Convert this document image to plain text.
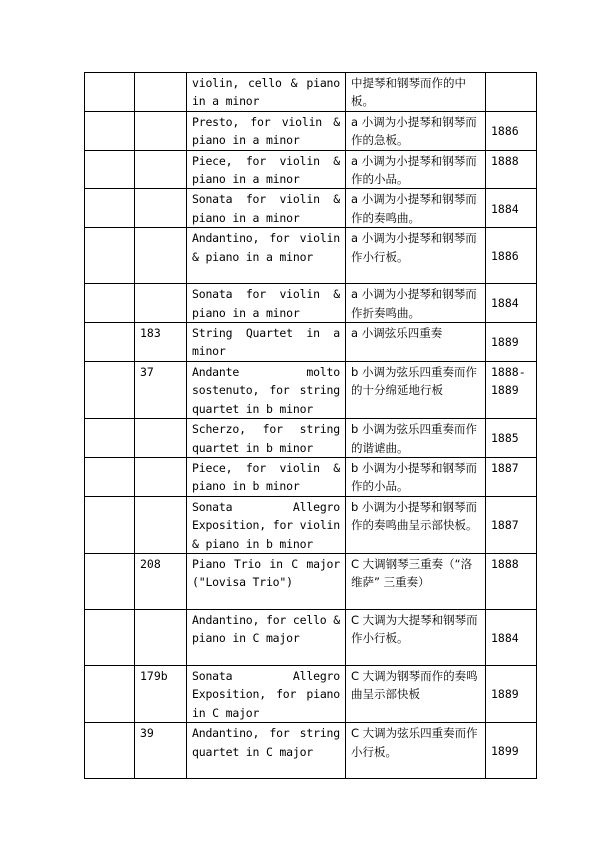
		violin, cello & piano in a minor	中提琴和钢琴而作的中板。	
		Presto, for violin & piano in a minor	a 小调为小提琴和钢琴而作的急板。	1886
		Piece, for violin & piano in a minor	a 小调为小提琴和钢琴而作的小品。	1888
		Sonata for violin & piano in a minor	a 小调为小提琴和钢琴而作的奏鸣曲。	1884
		Andantino, for violin & piano in a minor	a 小调为小提琴和钢琴而作小行板。	1886
		Sonata for violin & piano in a minor	a 小调为小提琴和钢琴而作折奏鸣曲。	1884
	183	String Quartet in a minor	a 小调弦乐四重奏	1889
	37	Andante molto sostenuto, for string quartet in b minor	b 小调为弦乐四重奏而作的十分绵延地行板	1888-1889
		Scherzo, for string quartet in b minor	b 小调为弦乐四重奏而作的谐谑曲。	1885
		Piece, for violin & piano in b minor	b 小调为小提琴和钢琴而作的小品。	1887
		Sonata Allegro Exposition, for violin & piano in b minor	b 小调为小提琴和钢琴而作的奏鸣曲呈示部快板。	1887
	208	Piano Trio in C major ("Lovisa Trio")	C 大调钢琴三重奏（“洛维萨” 三重奏）	1888
		Andantino, for cello & piano in C major	C 大调为大提琴和钢琴而作小行板。	1884
	179b	Sonata Allegro Exposition, for piano in C major	C 大调为钢琴而作的奏鸣曲呈示部快板	1889
	39	Andantino, for string quartet in C major	C 大调为弦乐四重奏而作小行板。	1899
